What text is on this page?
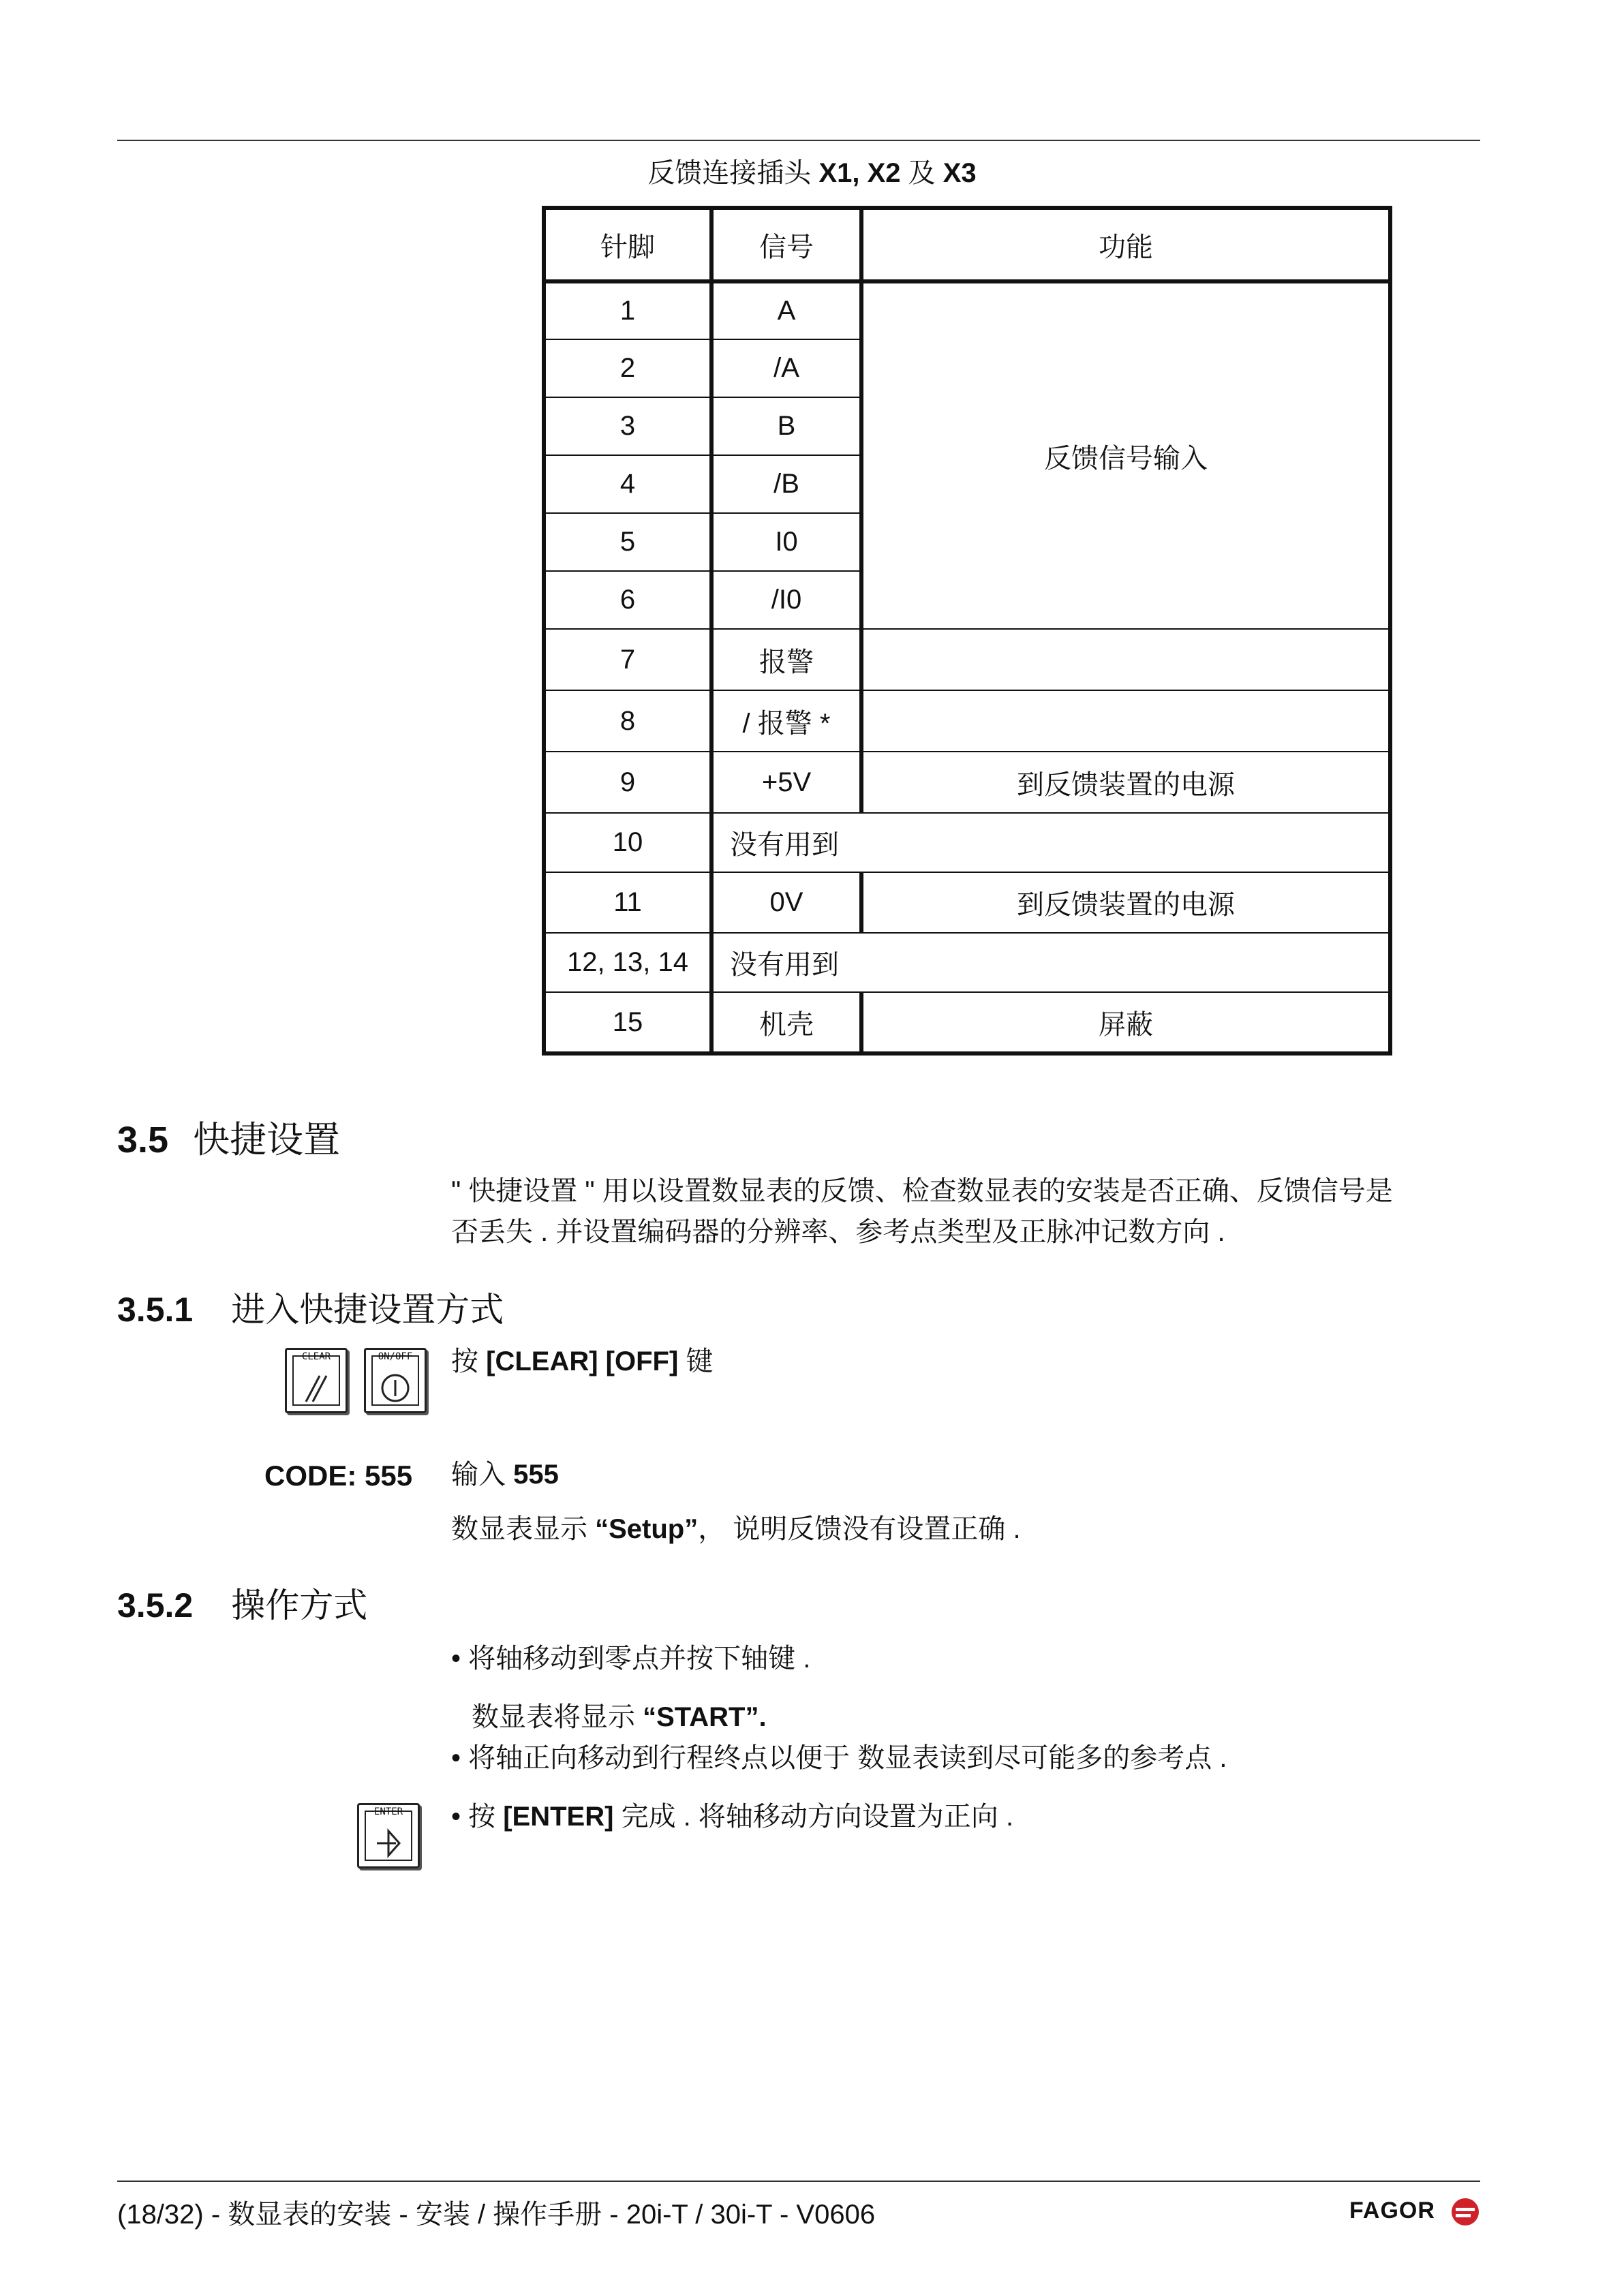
反馈连接插头 X1, X2 及 X3
针脚	信号	功能
1	A	反馈信号输入
2	/A	
3	B	
4	/B	
5	I0	
6	/I0	
7	报警	
8	/ 报警 *	
9	+5V	到反馈装置的电源
10	没有用到	
11	0V	到反馈装置的电源
12, 13, 14	没有用到	
15	机壳	屏蔽
3.5 快捷设置
" 快捷设置 " 用以设置数显表的反馈、检查数显表的安装是否正确、反馈信号是
否丢失 . 并设置编码器的分辨率、参考点类型及正脉冲记数方向 .
3.5.1 进入快捷设置方式
CLEAR	ON/OFF	按 [CLEAR] [OFF] 键
CODE: 555 输入 555
数显表显示 “Setup”， 说明反馈没有设置正确 .
3.5.2 操作方式
• 将轴移动到零点并按下轴键 .
数显表将显示 “START”.
• 将轴正向移动到行程终点以便于 数显表读到尽可能多的参考点 .
ENTER	• 按 [ENTER] 完成 . 将轴移动方向设置为正向 .
(18/32) - 数显表的安装 - 安装 / 操作手册 - 20i-T / 30i-T - V0606	FAGOR
